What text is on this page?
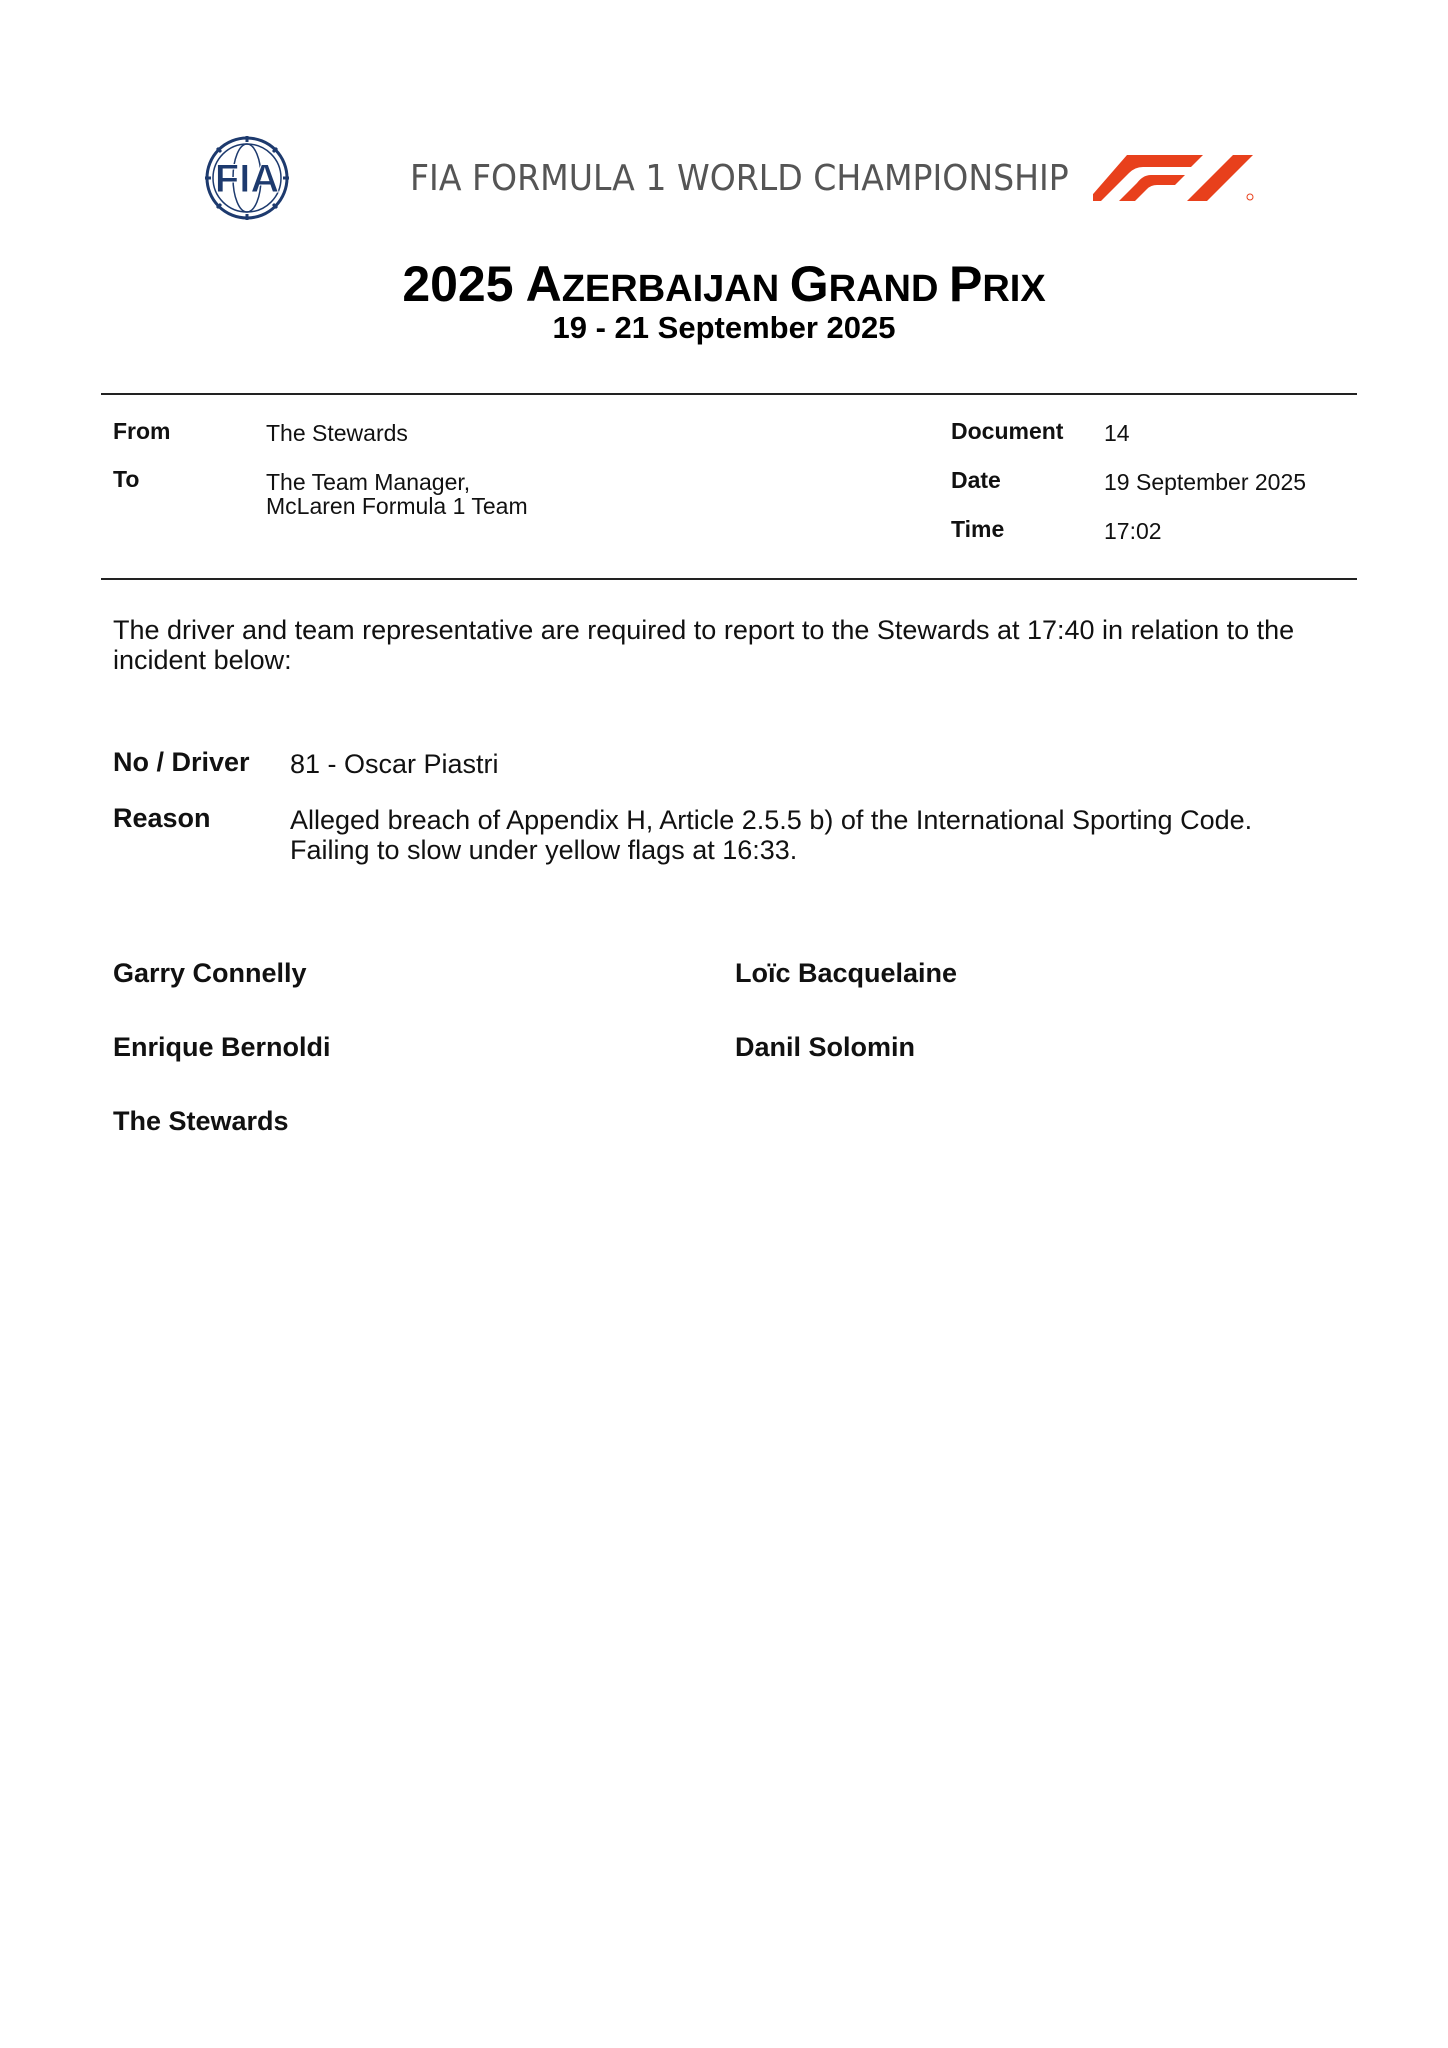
FIA	FIA FORMULA 1 WORLD CHAMPIONSHIP
2025 AZERBAIJAN GRAND PRIX
19 - 21 September 2025
From	The Stewards
To	The Team Manager,
McLaren Formula 1 Team
Document 14
Date	19 September 2025
Time	17:02
The driver and team representative are required to report to the Stewards at 17:40 in relation to the incident below:
No / Driver 81 - Oscar Piastri
Reason	Alleged breach of Appendix H, Article 2.5.5 b) of the International Sporting Code.
Failing to slow under yellow flags at 16:33.
Garry Connelly	Loïc Bacquelaine
Enrique Bernoldi	Danil Solomin
The Stewards
